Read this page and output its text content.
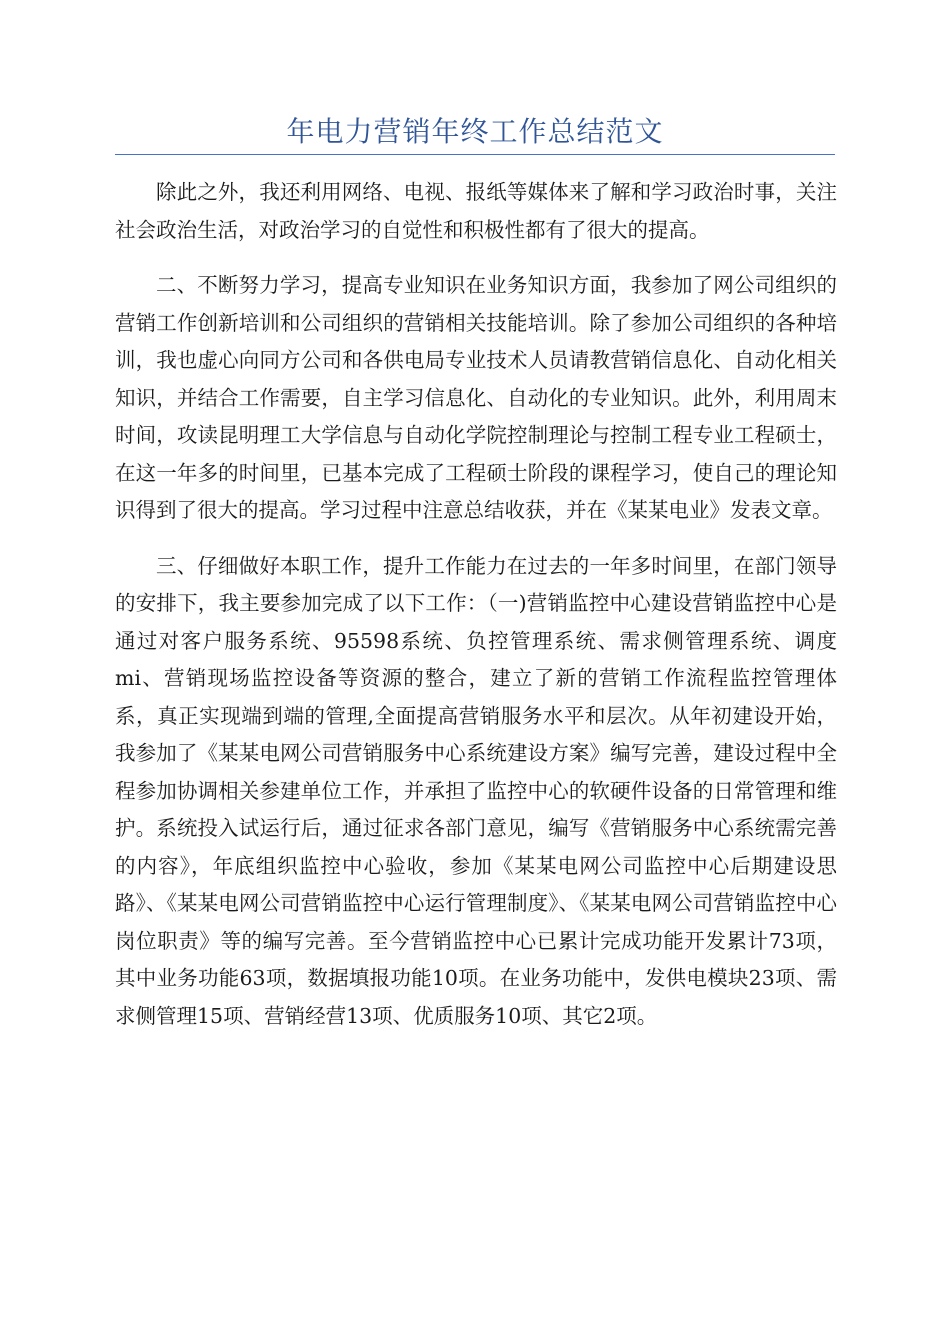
年电力营销年终工作总结范文

除此之外，我还利用网络、电视、报纸等媒体来了解和学习政治时事，关注社会政治生活，对政治学习的自觉性和积极性都有了很大的提高。

二、不断努力学习，提高专业知识在业务知识方面，我参加了网公司组织的营销工作创新培训和公司组织的营销相关技能培训。除了参加公司组织的各种培训，我也虚心向同方公司和各供电局专业技术人员请教营销信息化、自动化相关知识，并结合工作需要，自主学习信息化、自动化的专业知识。此外，利用周末时间，攻读昆明理工大学信息与自动化学院控制理论与控制工程专业工程硕士，在这一年多的时间里，已基本完成了工程硕士阶段的课程学习，使自己的理论知识得到了很大的提高。学习过程中注意总结收获，并在《某某电业》发表文章。

三、仔细做好本职工作，提升工作能力在过去的一年多时间里，在部门领导的安排下，我主要参加完成了以下工作：（一)营销监控中心建设营销监控中心是通过对客户服务系统、95598系统、负控管理系统、需求侧管理系统、调度mi、营销现场监控设备等资源的整合，建立了新的营销工作流程监控管理体系，真正实现端到端的管理,全面提高营销服务水平和层次。从年初建设开始，我参加了《某某电网公司营销服务中心系统建设方案》编写完善，建设过程中全程参加协调相关参建单位工作，并承担了监控中心的软硬件设备的日常管理和维护。系统投入试运行后，通过征求各部门意见，编写《营销服务中心系统需完善的内容》，年底组织监控中心验收，参加《某某电网公司监控中心后期建设思路》、《某某电网公司营销监控中心运行管理制度》、《某某电网公司营销监控中心岗位职责》等的编写完善。至今营销监控中心已累计完成功能开发累计73项，其中业务功能63项，数据填报功能10项。在业务功能中，发供电模块23项、需求侧管理15项、营销经营13项、优质服务10项、其它2项。
